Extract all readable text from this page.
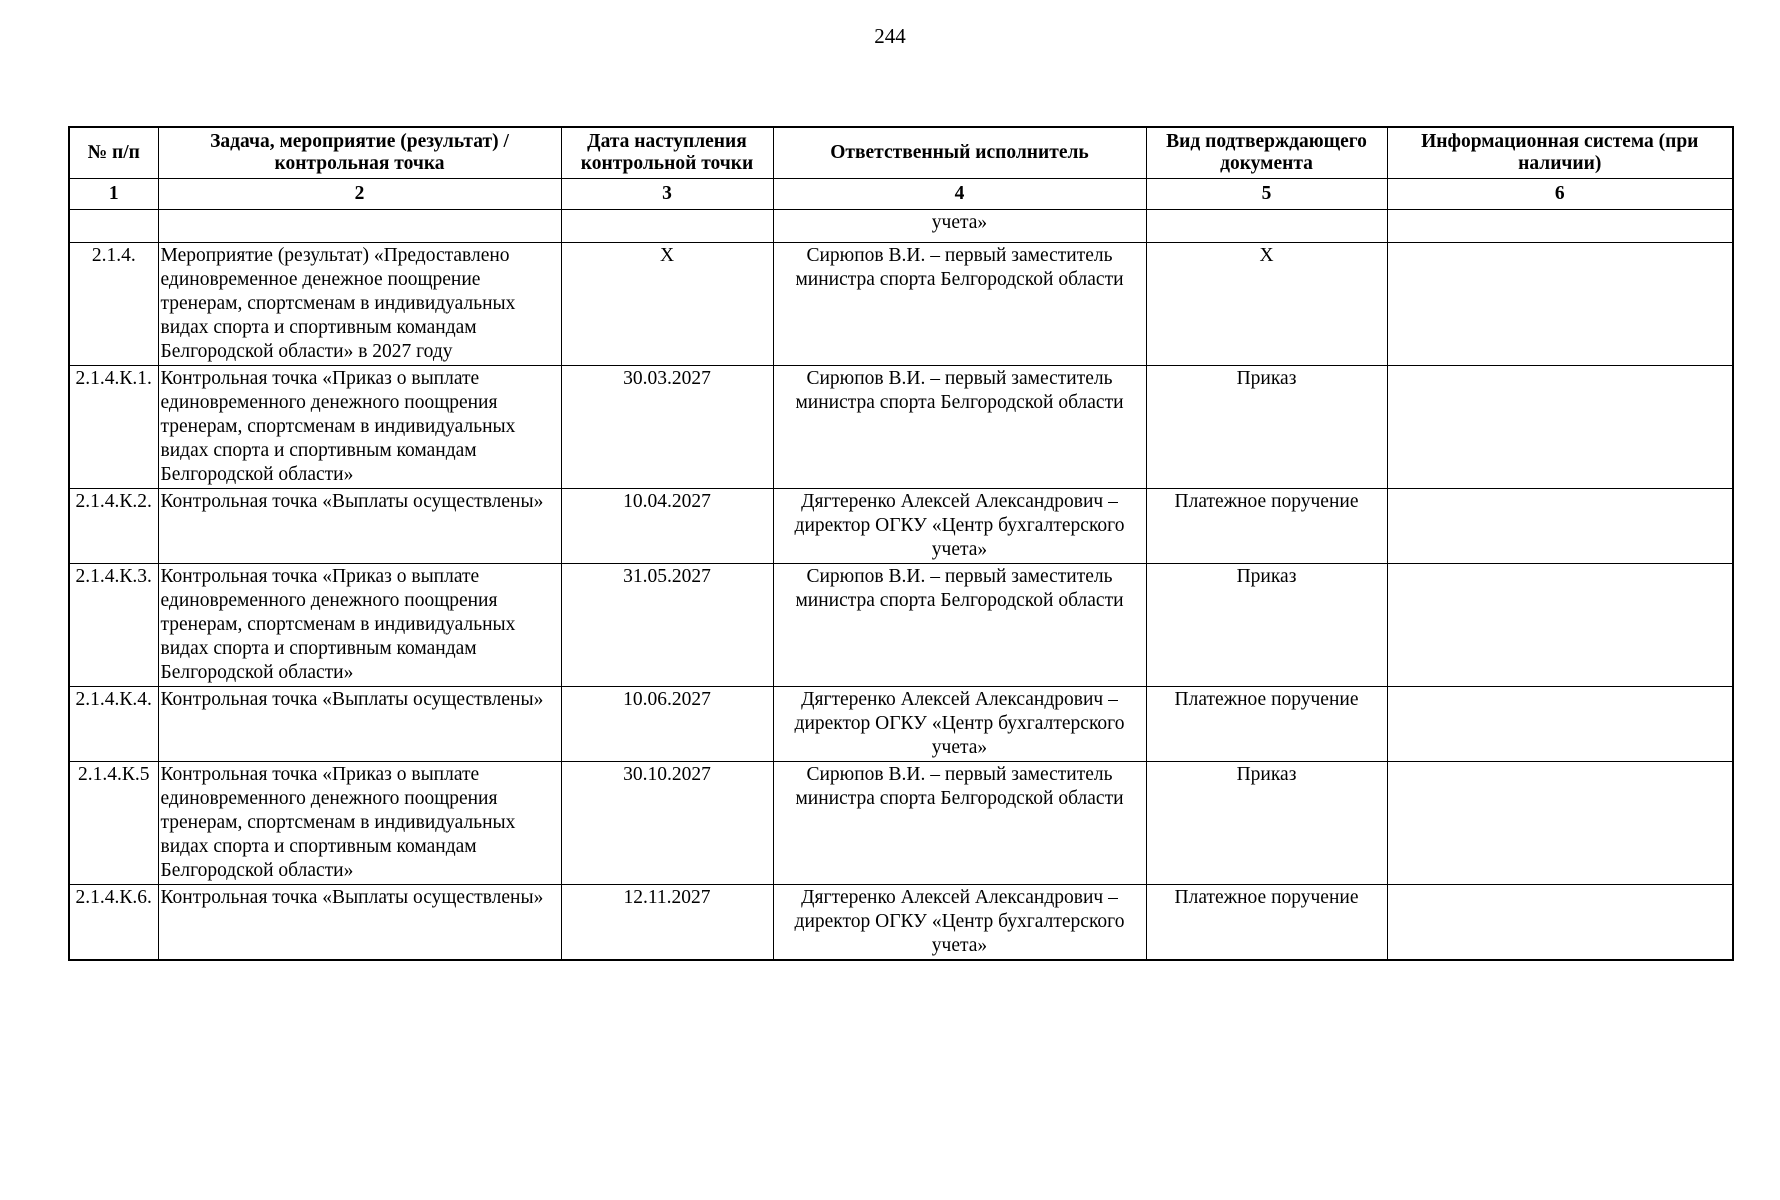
244
№ п/п	Задача, мероприятие (результат) / контрольная точка	Дата наступления контрольной точки	Ответственный исполнитель	Вид подтверждающего документа	Информационная система (при наличии)
1	2	3	4	5	6
			учета»		
2.1.4.	Мероприятие (результат) «Предоставлено единовременное денежное поощрение тренерам, спортсменам в индивидуальных видах спорта и спортивным командам Белгородской области» в 2027 году	X	Сирюпов В.И. – первый заместитель министра спорта Белгородской области	X	
2.1.4.К.1.	Контрольная точка «Приказ о выплате единовременного денежного поощрения тренерам, спортсменам в индивидуальных видах спорта и спортивным командам Белгородской области»	30.03.2027	Сирюпов В.И. – первый заместитель министра спорта Белгородской области	Приказ	
2.1.4.К.2.	Контрольная точка «Выплаты осуществлены»	10.04.2027	Дягтеренко Алексей Александрович – директор ОГКУ «Центр бухгалтерского учета»	Платежное поручение	
2.1.4.К.3.	Контрольная точка «Приказ о выплате единовременного денежного поощрения тренерам, спортсменам в индивидуальных видах спорта и спортивным командам Белгородской области»	31.05.2027	Сирюпов В.И. – первый заместитель министра спорта Белгородской области	Приказ	
2.1.4.К.4.	Контрольная точка «Выплаты осуществлены»	10.06.2027	Дягтеренко Алексей Александрович – директор ОГКУ «Центр бухгалтерского учета»	Платежное поручение	
2.1.4.К.5	Контрольная точка «Приказ о выплате единовременного денежного поощрения тренерам, спортсменам в индивидуальных видах спорта и спортивным командам Белгородской области»	30.10.2027	Сирюпов В.И. – первый заместитель министра спорта Белгородской области	Приказ	
2.1.4.К.6.	Контрольная точка «Выплаты осуществлены»	12.11.2027	Дягтеренко Алексей Александрович – директор ОГКУ «Центр бухгалтерского учета»	Платежное поручение	
